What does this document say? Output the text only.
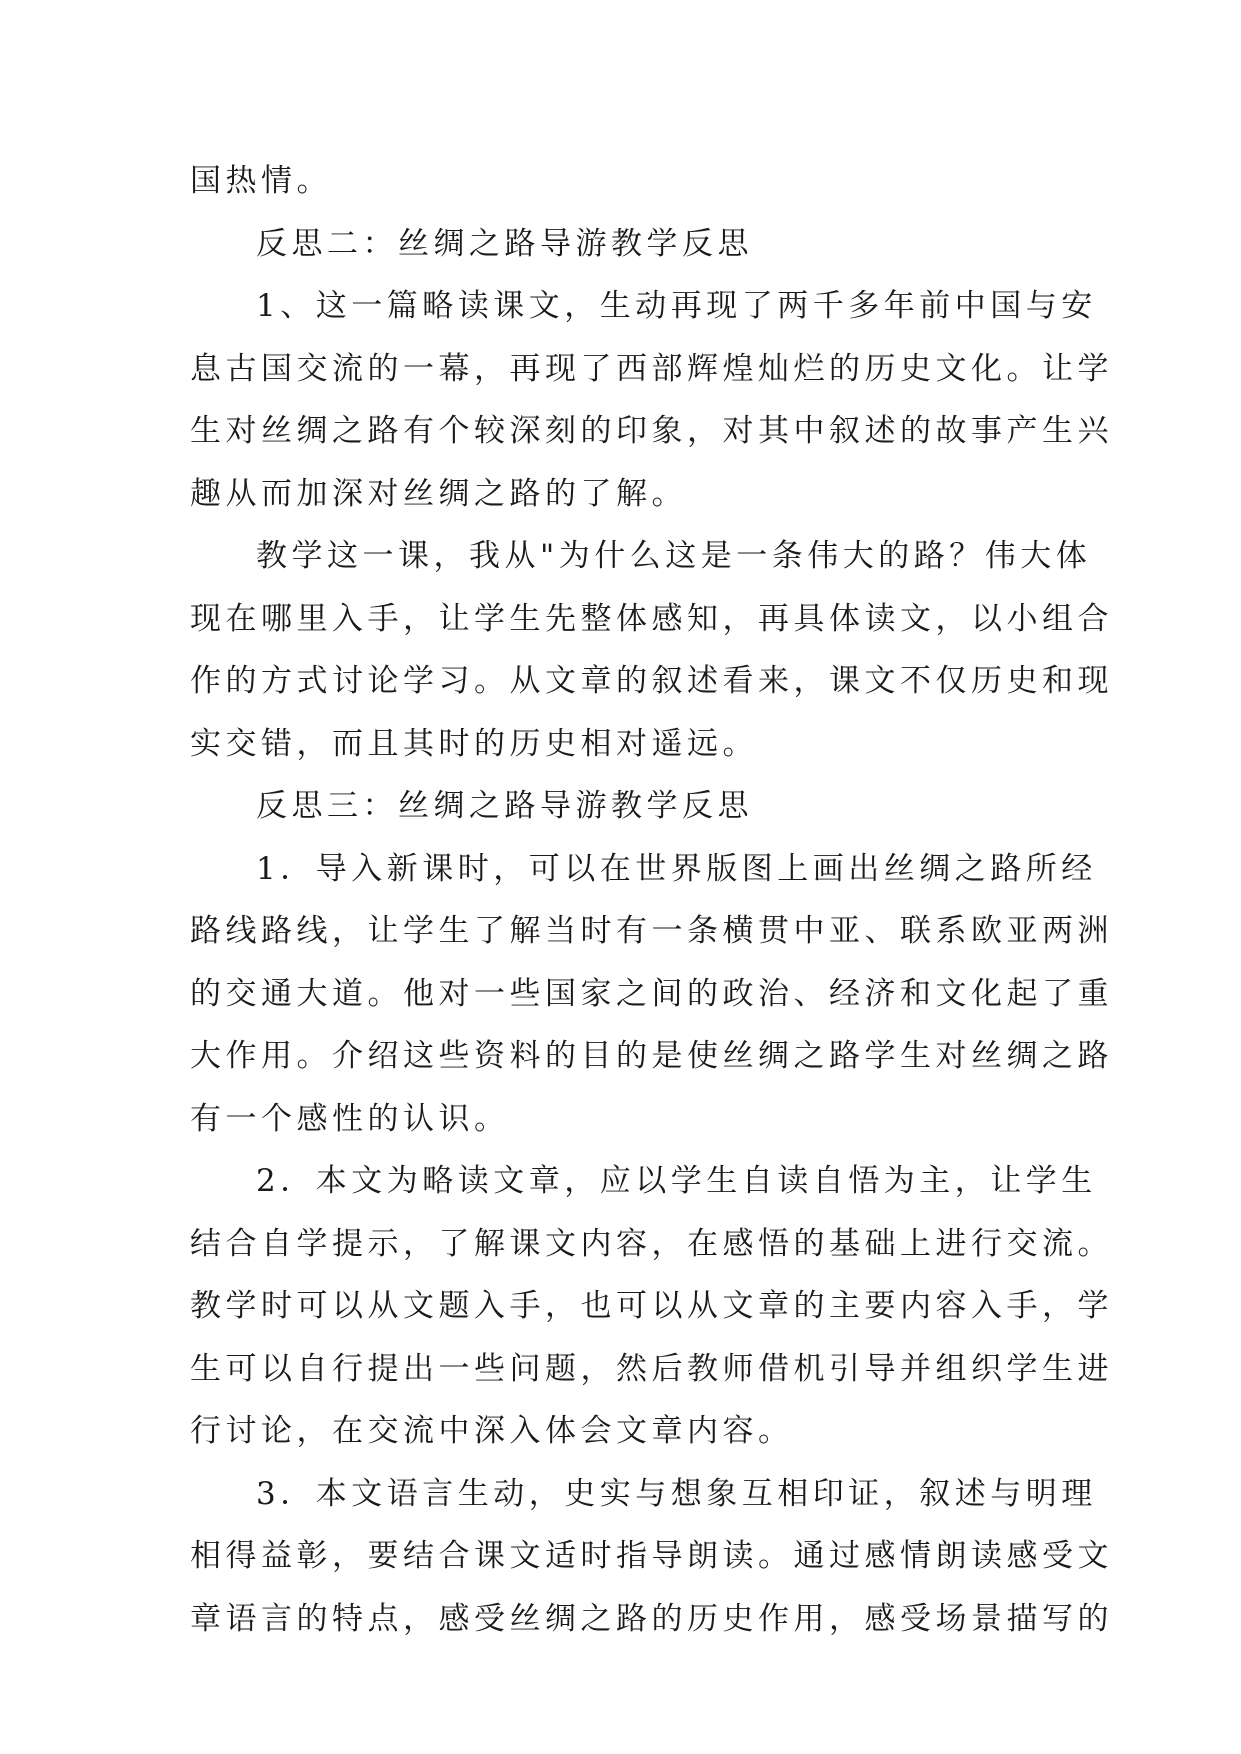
国热情。

反思二：丝绸之路导游教学反思

1、这一篇略读课文，生动再现了两千多年前中国与安
息古国交流的一幕，再现了西部辉煌灿烂的历史文化。让学
生对丝绸之路有个较深刻的印象，对其中叙述的故事产生兴
趣从而加深对丝绸之路的了解。

教学这一课，我从"为什么这是一条伟大的路？伟大体
现在哪里入手，让学生先整体感知，再具体读文，以小组合
作的方式讨论学习。从文章的叙述看来，课文不仅历史和现
实交错，而且其时的历史相对遥远。

反思三：丝绸之路导游教学反思

1．导入新课时，可以在世界版图上画出丝绸之路所经
路线路线，让学生了解当时有一条横贯中亚、联系欧亚两洲
的交通大道。他对一些国家之间的政治、经济和文化起了重
大作用。介绍这些资料的目的是使丝绸之路学生对丝绸之路
有一个感性的认识。

2．本文为略读文章，应以学生自读自悟为主，让学生
结合自学提示，了解课文内容，在感悟的基础上进行交流。
教学时可以从文题入手，也可以从文章的主要内容入手，学
生可以自行提出一些问题，然后教师借机引导并组织学生进
行讨论，在交流中深入体会文章内容。

3．本文语言生动，史实与想象互相印证，叙述与明理
相得益彰，要结合课文适时指导朗读。通过感情朗读感受文
章语言的特点，感受丝绸之路的历史作用，感受场景描写的
